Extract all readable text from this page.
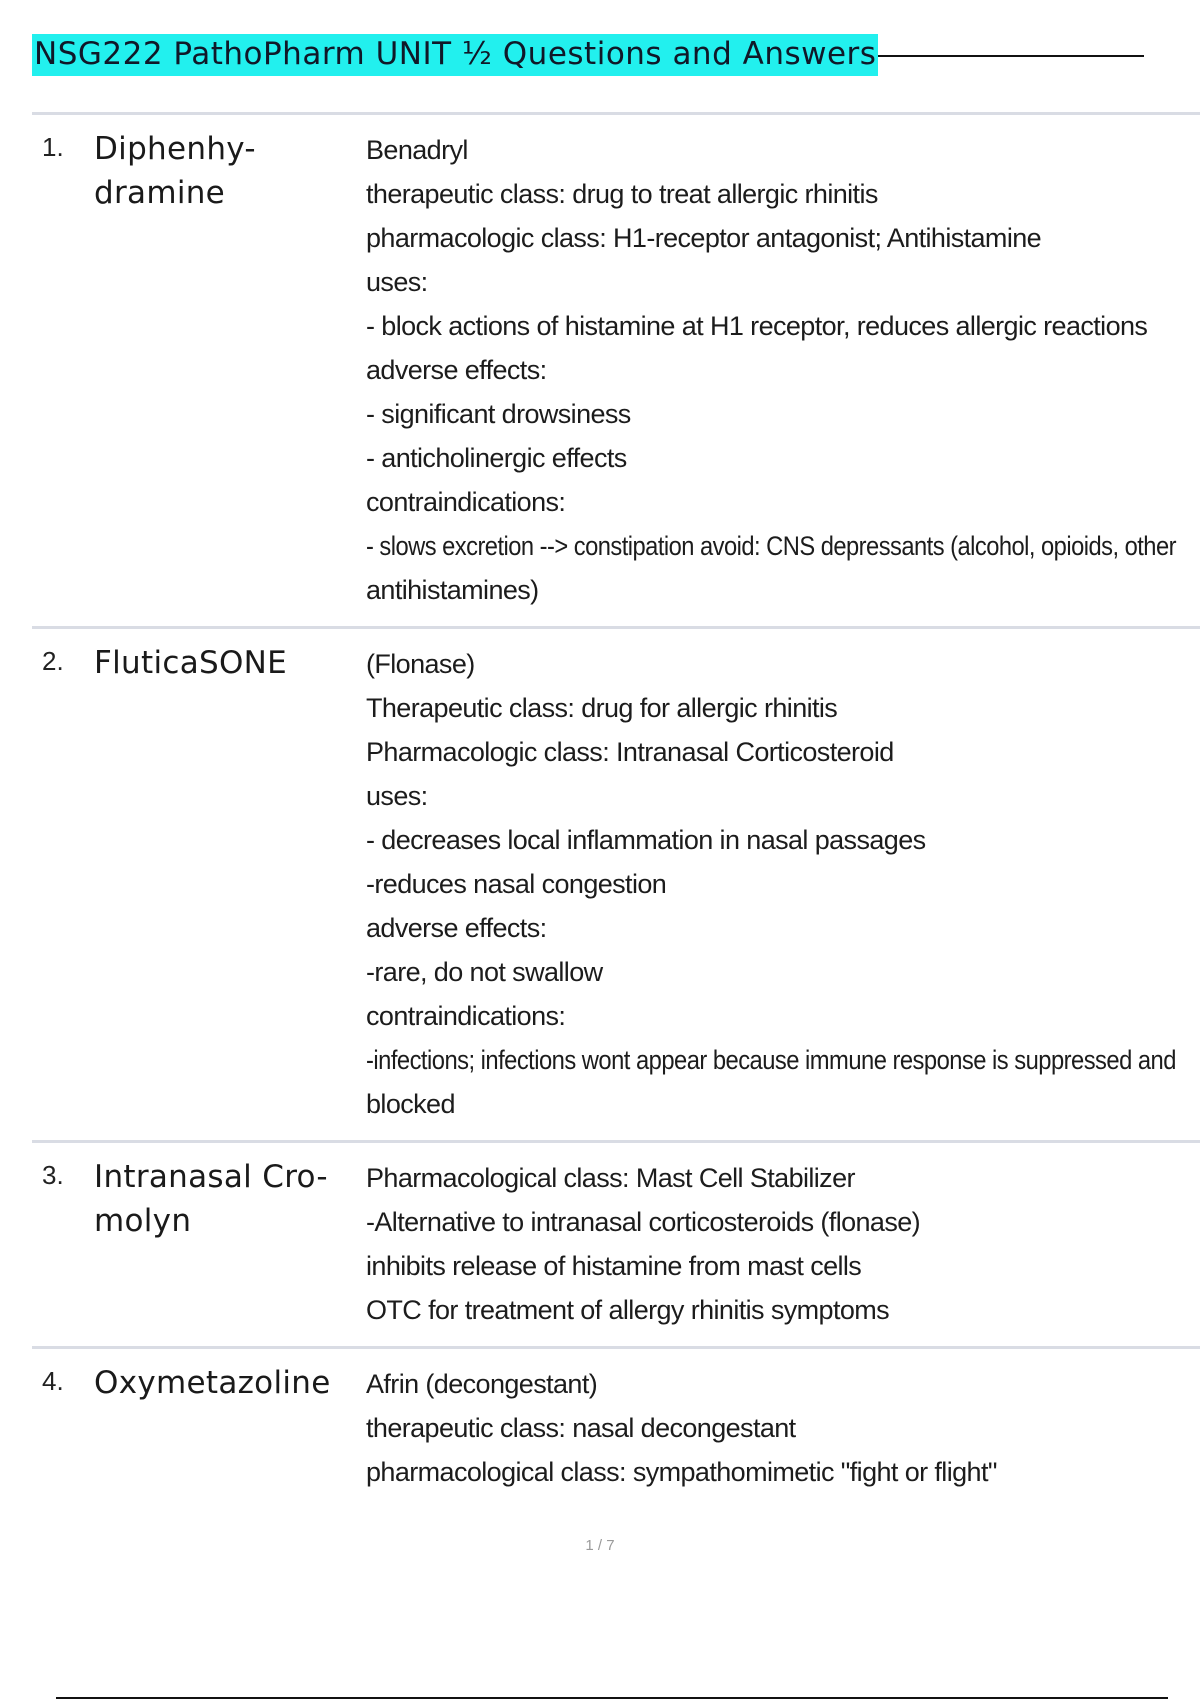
NSG222 PathoPharm UNIT ½ Questions and Answers
1. Diphenhy-
dramine
Benadryl
therapeutic class: drug to treat allergic rhinitis
pharmacologic class: H1-receptor antagonist; Antihistamine
uses:
- block actions of histamine at H1 receptor, reduces allergic reactions
adverse effects:
- significant drowsiness
- anticholinergic effects
contraindications:
- slows excretion --> constipation avoid: CNS depressants (alcohol, opioids, other
antihistamines)
2. FluticaSONE	(Flonase)
Therapeutic class: drug for allergic rhinitis
Pharmacologic class: Intranasal Corticosteroid
uses:
- decreases local inflammation in nasal passages
-reduces nasal congestion
adverse effects:
-rare, do not swallow
contraindications:
-infections; infections wont appear because immune response is suppressed and
blocked
3. Intranasal Cro-
molyn
Pharmacological class: Mast Cell Stabilizer
-Alternative to intranasal corticosteroids (flonase)
inhibits release of histamine from mast cells
OTC for treatment of allergy rhinitis symptoms
4. Oxymetazoline	Afrin (decongestant)
therapeutic class: nasal decongestant
pharmacological class: sympathomimetic "fight or flight"
1 / 7
